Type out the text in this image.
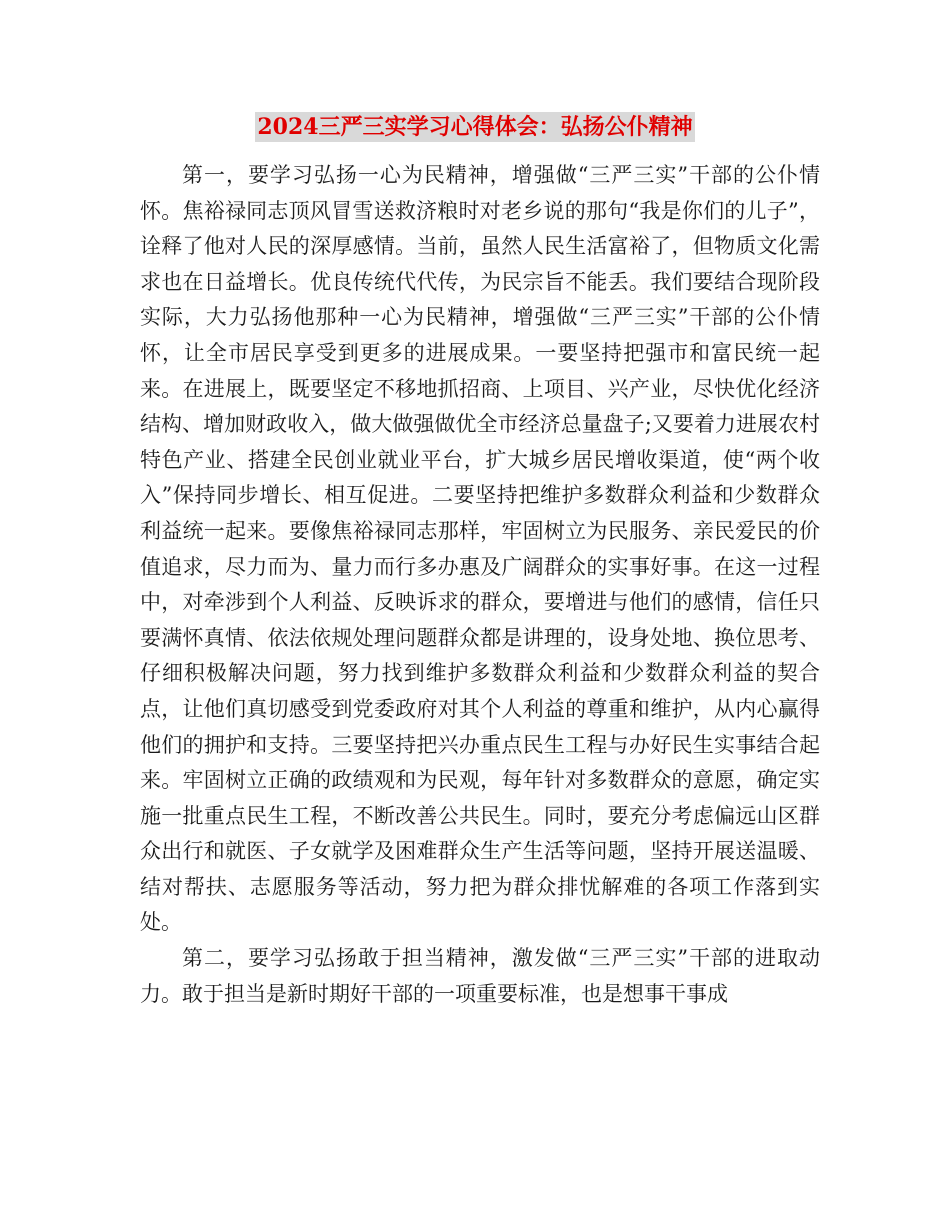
2024三严三实学习心得体会：弘扬公仆精神

第一，要学习弘扬一心为民精神，增强做“三严三实”干部的公仆情怀。焦裕禄同志顶风冒雪送救济粮时对老乡说的那句“我是你们的儿子”，诠释了他对人民的深厚感情。当前，虽然人民生活富裕了，但物质文化需求也在日益增长。优良传统代代传，为民宗旨不能丢。我们要结合现阶段实际，大力弘扬他那种一心为民精神，增强做“三严三实”干部的公仆情怀，让全市居民享受到更多的进展成果。一要坚持把强市和富民统一起来。在进展上，既要坚定不移地抓招商、上项目、兴产业，尽快优化经济结构、增加财政收入，做大做强做优全市经济总量盘子;又要着力进展农村特色产业、搭建全民创业就业平台，扩大城乡居民增收渠道，使“两个收入”保持同步增长、相互促进。二要坚持把维护多数群众利益和少数群众利益统一起来。要像焦裕禄同志那样，牢固树立为民服务、亲民爱民的价值追求，尽力而为、量力而行多办惠及广阔群众的实事好事。在这一过程中，对牵涉到个人利益、反映诉求的群众，要增进与他们的感情，信任只要满怀真情、依法依规处理问题群众都是讲理的，设身处地、换位思考、仔细积极解决问题，努力找到维护多数群众利益和少数群众利益的契合点，让他们真切感受到党委政府对其个人利益的尊重和维护，从内心赢得他们的拥护和支持。三要坚持把兴办重点民生工程与办好民生实事结合起来。牢固树立正确的政绩观和为民观，每年针对多数群众的意愿，确定实施一批重点民生工程，不断改善公共民生。同时，要充分考虑偏远山区群众出行和就医、子女就学及困难群众生产生活等问题，坚持开展送温暖、结对帮扶、志愿服务等活动，努力把为群众排忧解难的各项工作落到实处。

第二，要学习弘扬敢于担当精神，激发做“三严三实”干部的进取动力。敢于担当是新时期好干部的一项重要标准，也是想事干事成
